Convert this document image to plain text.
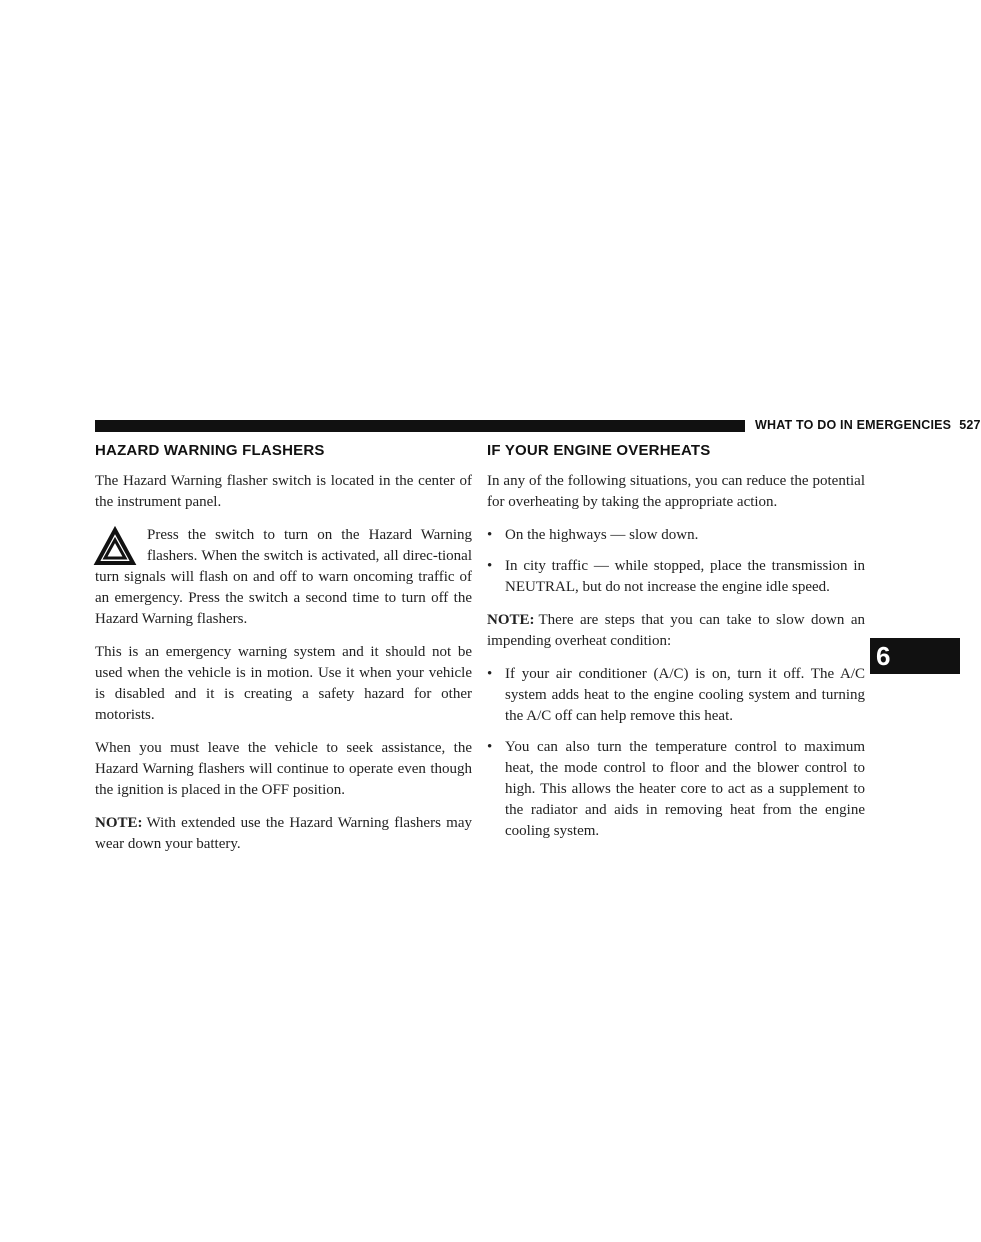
WHAT TO DO IN EMERGENCIES 527
HAZARD WARNING FLASHERS

The Hazard Warning flasher switch is located in the center of the instrument panel.

Press the switch to turn on the Hazard Warning flashers. When the switch is activated, all direc-tional turn signals will flash on and off to warn oncoming traffic of an emergency. Press the switch a second time to turn off the Hazard Warning flashers.

This is an emergency warning system and it should not be used when the vehicle is in motion. Use it when your vehicle is disabled and it is creating a safety hazard for other motorists.

When you must leave the vehicle to seek assistance, the Hazard Warning flashers will continue to operate even though the ignition is placed in the OFF position.

NOTE: With extended use the Hazard Warning flashers may wear down your battery.

IF YOUR ENGINE OVERHEATS

In any of the following situations, you can reduce the potential for overheating by taking the appropriate action.

• On the highways — slow down.
• In city traffic — while stopped, place the transmission in NEUTRAL, but do not increase the engine idle speed.

NOTE: There are steps that you can take to slow down an impending overheat condition:

• If your air conditioner (A/C) is on, turn it off. The A/C system adds heat to the engine cooling system and turning the A/C off can help remove this heat.
• You can also turn the temperature control to maximum heat, the mode control to floor and the blower control to high. This allows the heater core to act as a supplement to the radiator and aids in removing heat from the engine cooling system.
6
